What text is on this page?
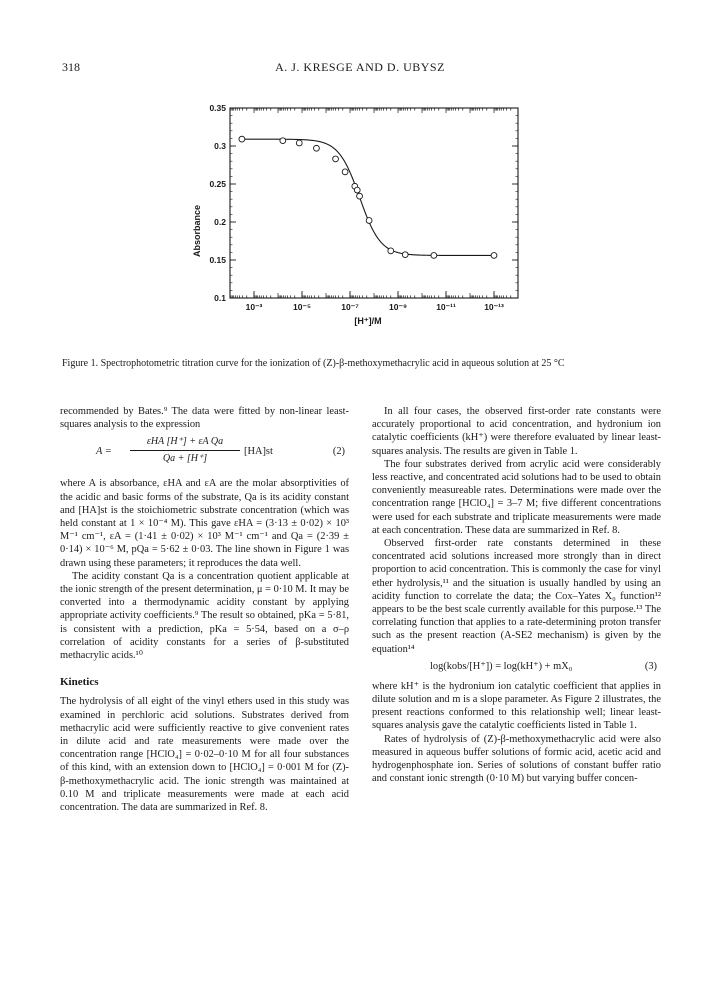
318	A. J. KRESGE AND D. UBYSZ
10⁻³	10⁻⁵	10⁻⁷	10⁻⁹	10⁻¹¹	10⁻¹³
0.1
0.15
0.2
0.25
0.3
0.35
Absorbance
[H⁺]/M
Figure 1. Spectrophotometric titration curve for the ionization of (Z)-β-methoxymethacrylic acid in aqueous solution at 25 °C

recommended by Bates.⁹ The data were fitted by non-linear least-squares analysis to the expression

A =
εHA [H⁺] + εA Qa
Qa + [H⁺]
[HA]st	(2)

where A is absorbance, εHA and εA are the molar absorptivities of the acidic and basic forms of the substrate, Qa is its acidity constant and [HA]st is the stoichiometric substrate concentration (which was held constant at 1 × 10⁻⁴ M). This gave εHA = (3·13 ± 0·02) × 10³ M⁻¹ cm⁻¹, εA = (1·41 ± 0·02) × 10³ M⁻¹ cm⁻¹ and Qa = (2·39 ± 0·14) × 10⁻⁶ M, pQa = 5·62 ± 0·03. The line shown in Figure 1 was drawn using these parameters; it reproduces the data well.

The acidity constant Qa is a concentration quotient applicable at the ionic strength of the present determination, μ = 0·10 M. It may be converted into a thermodynamic acidity constant by applying appropriate activity coefficients.⁹ The result so obtained, pKa = 5·81, is consistent with a prediction, pKa = 5·54, based on a σ–ρ correlation of acidity constants for a series of β-substituted methacrylic acids.¹⁰

Kinetics

The hydrolysis of all eight of the vinyl ethers used in this study was examined in perchloric acid solutions. Substrates derived from methacrylic acid were sufficiently reactive to give convenient rates in dilute acid and rate measurements were made over the concentration range [HClO₄] = 0·02–0·10 M for all four substances of this kind, with an extension down to [HClO₄] = 0·001 M for (Z)-β-methoxymethacrylic acid. The ionic strength was maintained at 0.10 M and triplicate measurements were made at each acid concentration. The data are summarized in Ref. 8.

In all four cases, the observed first-order rate constants were accurately proportional to acid concentration, and hydronium ion catalytic coefficients (kH⁺) were therefore evaluated by linear least-squares analysis. The results are given in Table 1.

The four substrates derived from acrylic acid were considerably less reactive, and concentrated acid solutions had to be used to obtain conveniently measureable rates. Determinations were made over the concentration range [HClO₄] = 3–7 M; five different concentrations were used for each substrate and triplicate measurements were made at each concentration. These data are summarized in Ref. 8.

Observed first-order rate constants determined in these concentrated acid solutions increased more strongly than in direct proportion to acid concentration. This is commonly the case for vinyl ether hydrolysis,¹¹ and the situation is usually handled by using an acidity function to correlate the data; the Cox–Yates X₀ function¹² appears to be the best scale currently available for this purpose.¹³ The correlating function that applies to a rate-determining proton transfer such as the present reaction (A-SE2 mechanism) is given by the equation¹⁴

log(kobs/[H⁺]) = log(kH⁺) + mX₀	(3)

where kH⁺ is the hydronium ion catalytic coefficient that applies in dilute solution and m is a slope parameter. As Figure 2 illustrates, the present reactions conformed to this relationship well; linear least-squares analysis gave the catalytic coefficients listed in Table 1.

Rates of hydrolysis of (Z)-β-methoxymethacrylic acid were also measured in aqueous buffer solutions of formic acid, acetic acid and hydrogenphosphate ion. Series of solutions of constant buffer ratio and constant ionic strength (0·10 M) but varying buffer concen-
